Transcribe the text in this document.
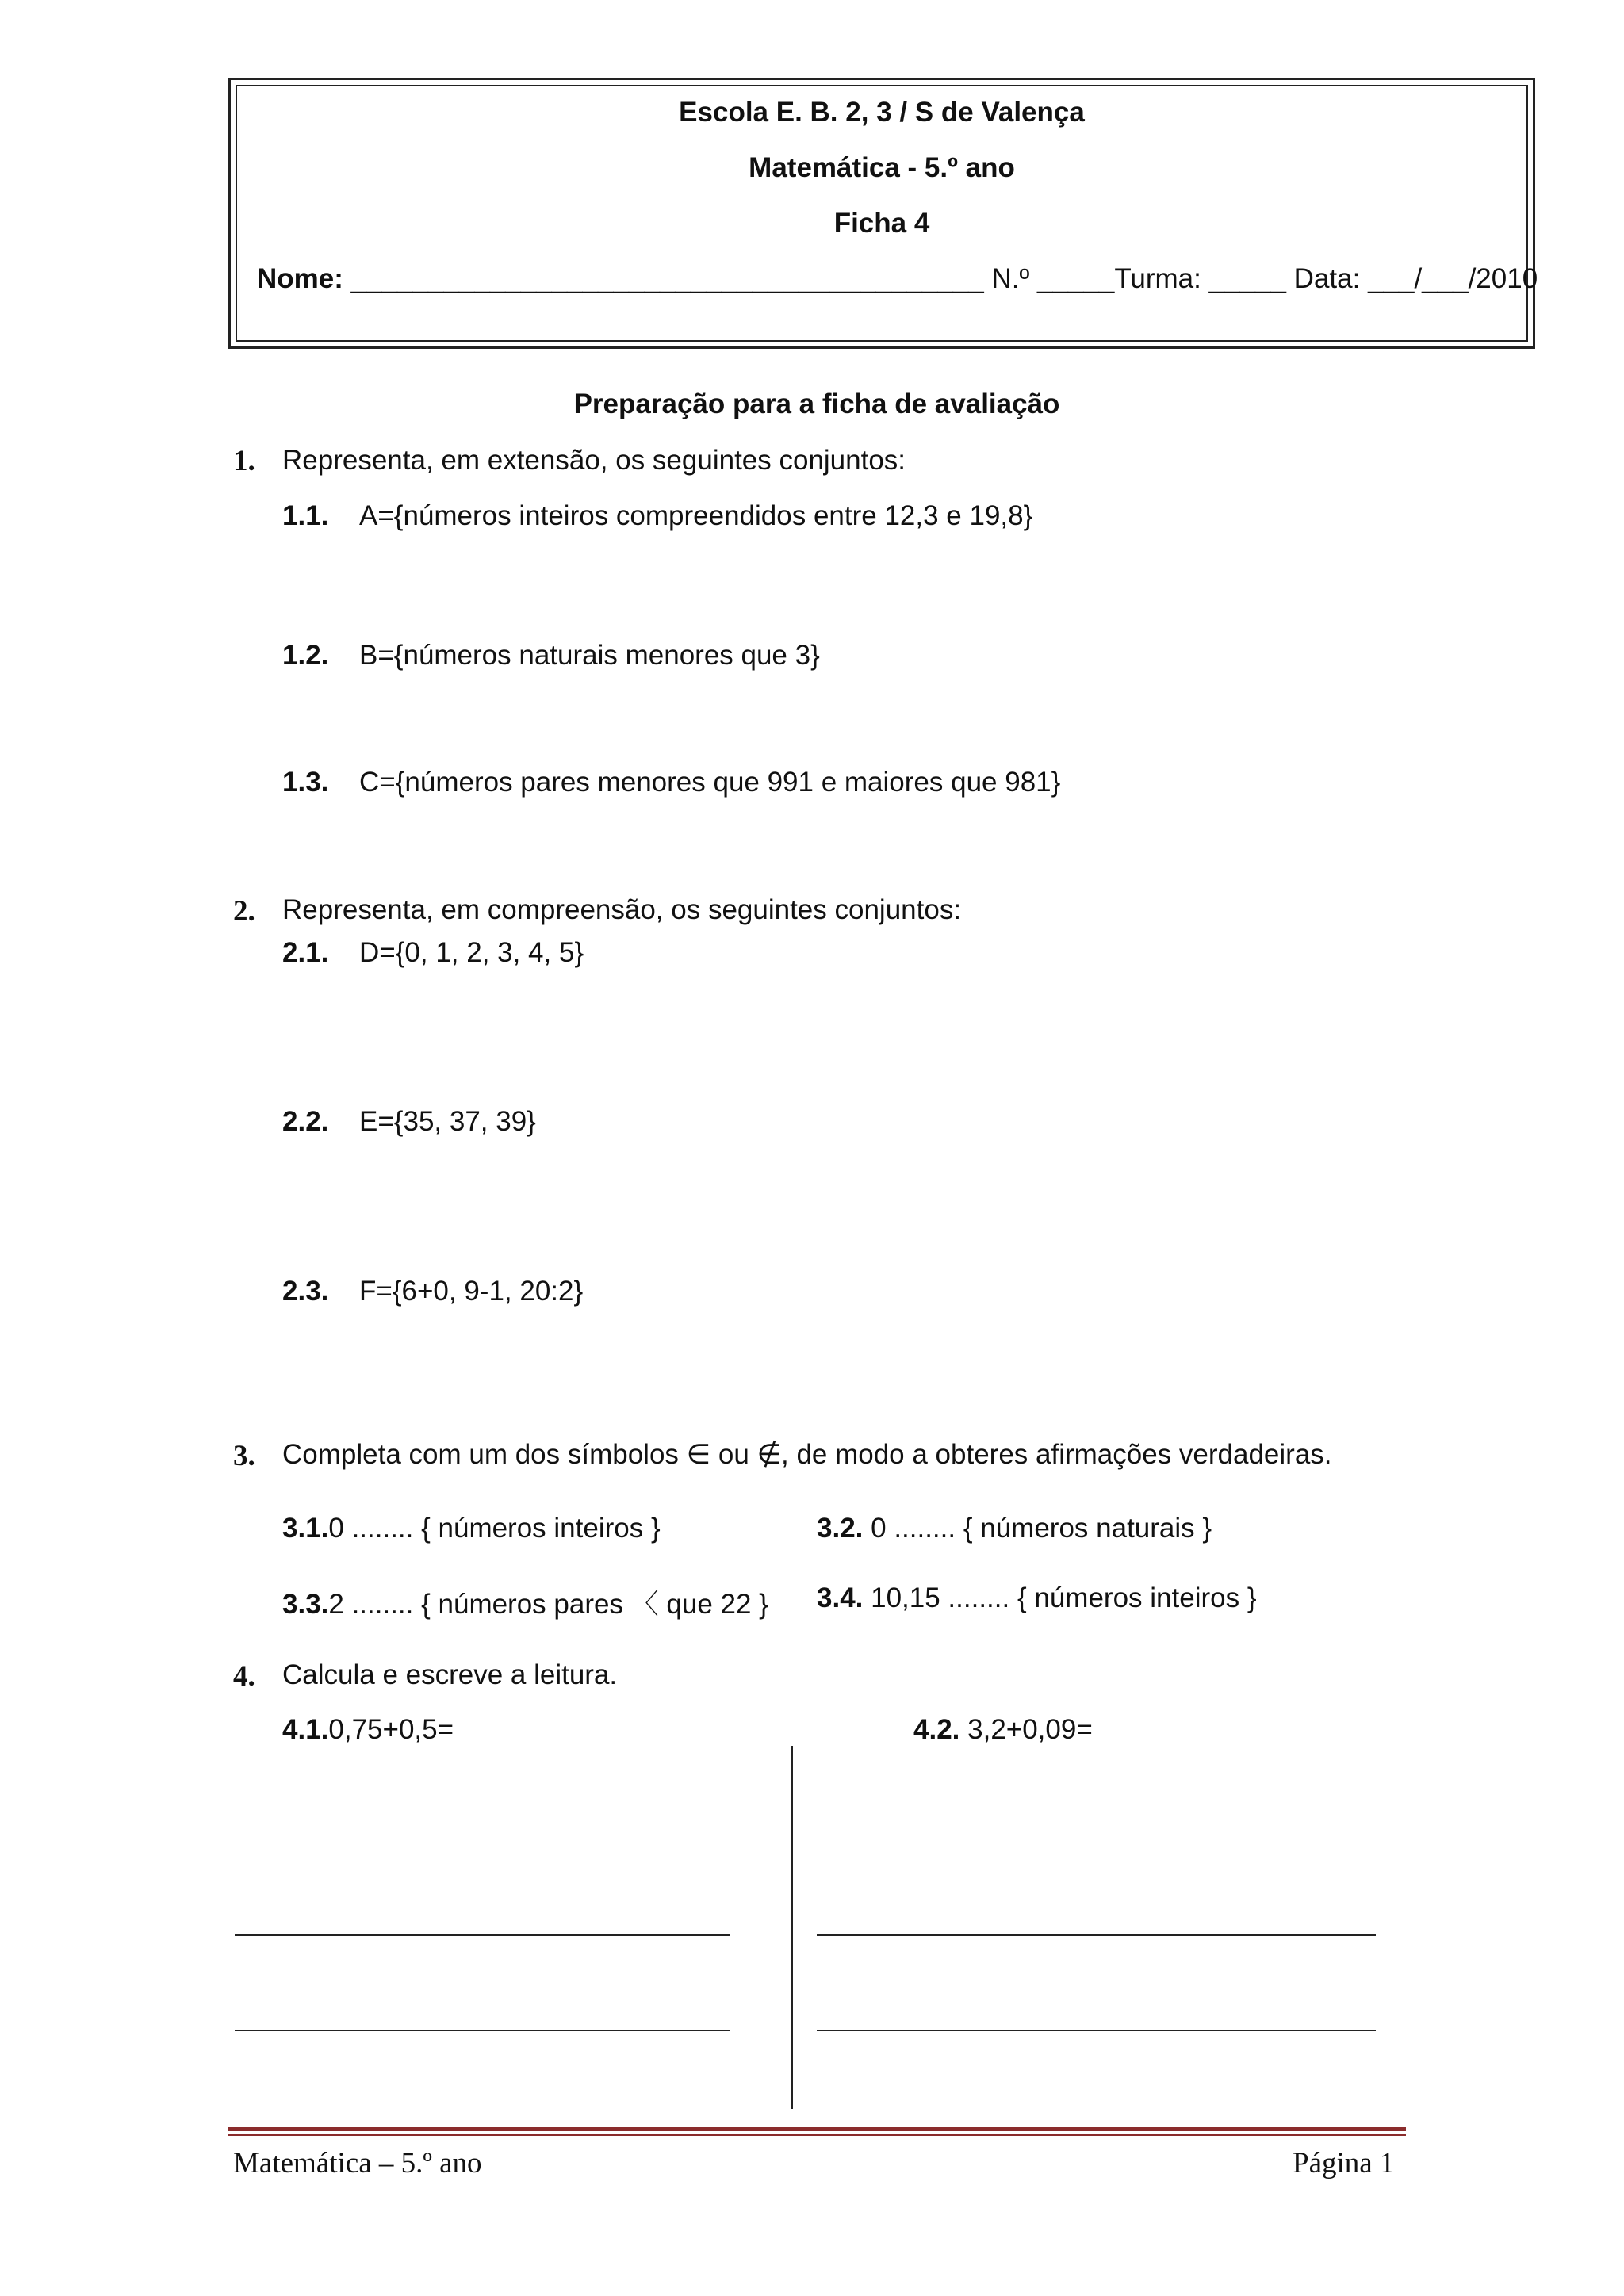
Escola E. B. 2, 3 / S de Valença
Matemática - 5.º ano
Ficha 4
Nome: _________________________________________ N.º _____Turma: _____ Data: ___/___/2010
Preparação para a ficha de avaliação
1. Representa, em extensão, os seguintes conjuntos:
1.1. A={números inteiros compreendidos entre 12,3 e 19,8}
1.2. B={números naturais menores que 3}
1.3. C={números pares menores que 991 e maiores que 981}
2. Representa, em compreensão, os seguintes conjuntos:
2.1. D={0, 1, 2, 3, 4, 5}
2.2. E={35, 37, 39}
2.3. F={6+0, 9-1, 20:2}
3. Completa com um dos símbolos ∈ ou ∉, de modo a obteres afirmações verdadeiras.
3.1.0 ........ { números inteiros }	3.2. 0 ........ { números naturais }
3.3.2 ........ { números pares 〈 que 22 } 3.4. 10,15 ........ { números inteiros }
4. Calcula e escreve a leitura.
4.1.0,75+0,5=	4.2. 3,2+0,09=
Matemática – 5.º ano	Página 1
